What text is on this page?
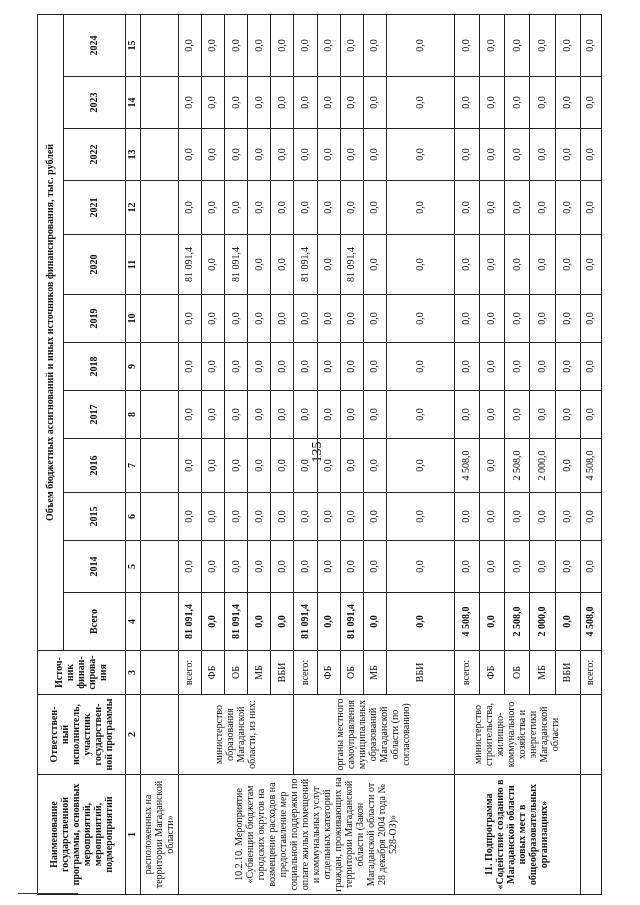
135
Наименование государственной программы, основных мероприятий, мероприятий, подмероприятий	Ответствен-ный исполнитель, участник государствен-ной программы	Источ-ник финан-сирова-ния	Объем бюджетных ассигнований и иных источников финансирования, тыс. рублей											
			Всего	2014	2015	2016	2017	2018	2019	2020	2021	2022	2023	2024
1	2	3	4	5	6	7	8	9	10	11	12	13	14	15
расположенных на территории Магаданской области»														
10.2.10. Мероприятие «Субвенции бюджетам городских округов на возмещение расходов на предоставление мер социальной поддержки по оплате жилых помещений и коммунальных услуг отдельных категорий граждан, проживающих на территории Магаданской области (Закон Магаданской области от 28 декабря 2004 года № 528-ОЗ)»	министерство образования Магаданской области, из них:	всего:	81 091,4	0,0	0,0	0,0	0,0	0,0	0,0	81 091,4	0,0	0,0	0,0	0,0
		ФБ	0,0	0,0	0,0	0,0	0,0	0,0	0,0	0,0	0,0	0,0	0,0	0,0
		ОБ	81 091,4	0,0	0,0	0,0	0,0	0,0	0,0	81 091,4	0,0	0,0	0,0	0,0
		МБ	0,0	0,0	0,0	0,0	0,0	0,0	0,0	0,0	0,0	0,0	0,0	0,0
		ВБИ	0,0	0,0	0,0	0,0	0,0	0,0	0,0	0,0	0,0	0,0	0,0	0,0
	органы местного самоуправления муниципальных образований Магаданской области (по согласованию)	всего:	81 091,4	0,0	0,0	0,0	0,0	0,0	0,0	81 091,4	0,0	0,0	0,0	0,0
		ФБ	0,0	0,0	0,0	0,0	0,0	0,0	0,0	0,0	0,0	0,0	0,0	0,0
		ОБ	81 091,4	0,0	0,0	0,0	0,0	0,0	0,0	81 091,4	0,0	0,0	0,0	0,0
		МБ	0,0	0,0	0,0	0,0	0,0	0,0	0,0	0,0	0,0	0,0	0,0	0,0
		ВБИ	0,0	0,0	0,0	0,0	0,0	0,0	0,0	0,0	0,0	0,0	0,0	0,0
11. Подпрограмма «Содействие созданию в Магаданской области новых мест в общеобразовательных организациях»	министерство строительства, жилищно-коммунального хозяйства и энергетики Магаданской области	всего:	4 508,0	0,0	0,0	4 508,0	0,0	0,0	0,0	0,0	0,0	0,0	0,0	0,0
		ФБ	0,0	0,0	0,0	0,0	0,0	0,0	0,0	0,0	0,0	0,0	0,0	0,0
		ОБ	2 508,0	0,0	0,0	2 508,0	0,0	0,0	0,0	0,0	0,0	0,0	0,0	0,0
		МБ	2 000,0	0,0	0,0	2 000,0	0,0	0,0	0,0	0,0	0,0	0,0	0,0	0,0
		ВБИ	0,0	0,0	0,0	0,0	0,0	0,0	0,0	0,0	0,0	0,0	0,0	0,0
		всего:	4 508,0	0,0	0,0	4 508,0	0,0	0,0	0,0	0,0	0,0	0,0	0,0	0,0
